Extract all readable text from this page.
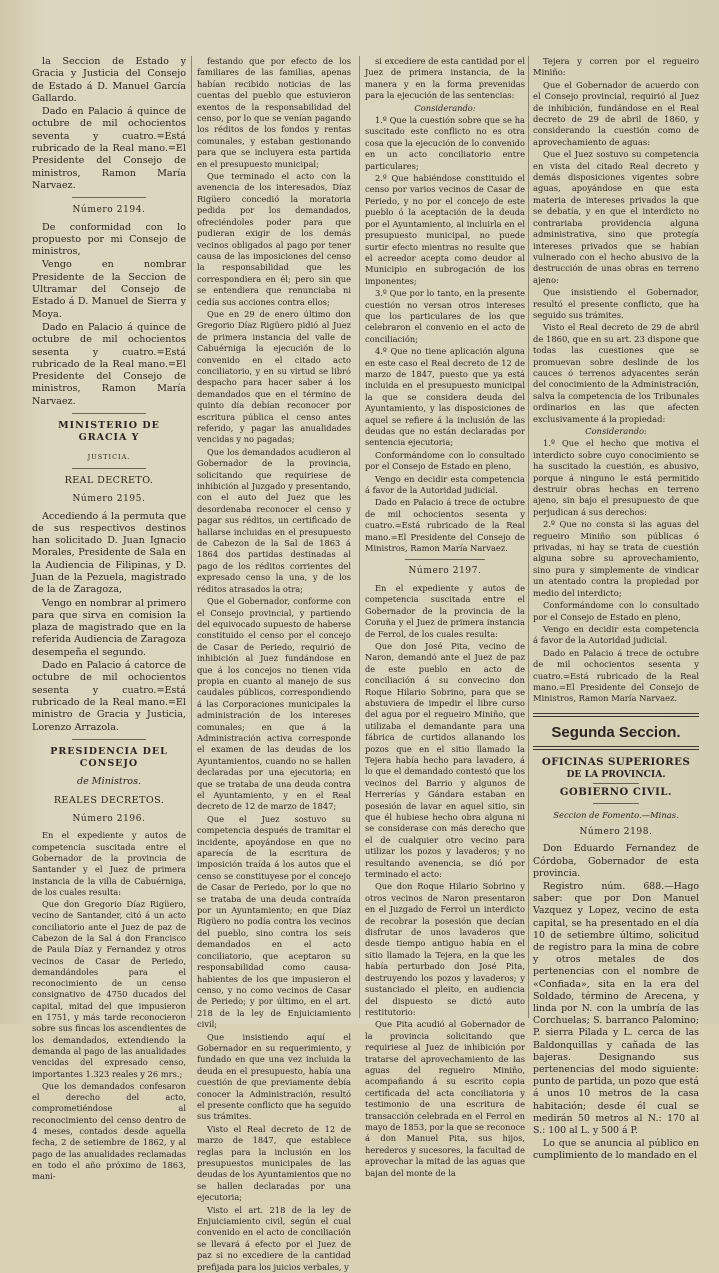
la Seccion de Estado y Gracia y Justicia del Consejo de Estado á D. Manuel García Gallardo.

Dado en Palacio á quince de octubre de mil ochocientos seventa y cuatro.=Está rubricado de la Real mano.=El Presidente del Consejo de ministros, Ramon María Narvaez.

Número 2194.

De conformidad con lo propuesto por mi Consejo de ministros,

Vengo en nombrar Presidente de la Seccion de Ultramar del Consejo de Estado á D. Manuel de Sierra y Moya.

Dado en Palacio á quince de octubre de mil ochocientos sesenta y cuatro.=Está rubricado de la Real mano.=El Presidente del Consejo de ministros, Ramon María Narvaez.

MINISTERIO DE GRACIA Y
JUSTICIA.
REAL DECRETO.
Número 2195.

Accediendo á la permuta que de sus respectivos destinos han solicitado D. Juan Ignacio Morales, Presidente de Sala en la Audiencia de Filipinas, y D. Juan de la Pezuela, magistrado de la de Zaragoza,

Vengo en nombrar al primero para que sirva en comision la plaza de magistrado que en la referida Audiencia de Zaragoza desempeña el segundo.

Dado en Palacio á catorce de octubre de mil ochocientos sesenta y cuatro.=Está rubricado de la Real mano.=El ministro de Gracia y Justicia, Lorenzo Arrazola.

PRESIDENCIA DEL CONSEJO
de Ministros.
REALES DECRETOS.
Número 2196.

En el expediente y autos de competencia suscitada entre el Gobernador de la provincia de Santander y el Juez de primera instancia de la villa de Cabuérniga, de los cuales resulta:

Que don Gregorio Díaz Rigüero, vecino de Santander, citó á un acto conciliatorio ante el Juez de paz de Cabezon de la Sal á don Francisco de Paula Díaz y Fernandez y otros vecinos de Casar de Periedo, demandándoles para el reconocimiento de un censo consignativo de 4750 ducados del capital, mitad del que impusieron en 1751, y más tarde reconocieron sobre sus fincas los ascendientes de los demandados, extendiendo la demanda al pago de las anualidades vencidas del expresado censo, importantes 1.323 reales y 26 mrs.;

Que los demandados confesaron el derecho del acto, comprometiéndose al reconocimiento del censo dentro de 4 meses, contados desde aquella fecha, 2 de setiembre de 1862, y al pago de las anualidades reclamadas en todo el año próximo de 1863, mani-

festando que por efecto de los familiares de las familias, apenas habían recibido noticias de las cuentas del pueblo que estuvieron exentos de la responsabilidad del censo, por lo que se venían pagando los réditos de los fondos y rentas comunales, y estaban gestionando para que se incluyera esta partida en el presupuesto municipal;

Que terminado el acto con la avenencia de los interesados, Díaz Rigüero concedió la moratoria pedida por los demandados, ofreciéndoles poder para que pudieran exigir de los demás vecinos obligados al pago por tener causa de las imposiciones del censo la responsabilidad que les correspondiera en él; pero sin que se entendiera que renunciaba ni cedía sus acciones contra ellos;

Que en 29 de enero último don Gregorio Díaz Rigüero pidió al Juez de primera instancia del valle de Cabuérniga la ejecución de lo convenido en el citado acto conciliatorio, y en su virtud se libró despacho para hacer saber á los demandados que en el término de quinto día debían reconocer por escritura pública el censo antes referido, y pagar las anualidades vencidas y no pagadas;

Que los demandados acudieron al Gobernador de la provincia, solicitando que requiriese de inhibición al Juzgado y presentando, con el auto del Juez que les desordenaba reconocer el censo y pagar sus réditos, un certificado de hallarse incluidas en el presupuesto de Cabezon de la Sal de 1863 á 1864 dos partidas destinadas al pago de los réditos corrientes del expresado censo la una, y de los réditos atrasados la otra;

Que el Gobernador, conforme con el Consejo provincial, y partiendo del equivocado supuesto de haberse constituido el censo por el concejo de Casar de Periedo, requirió de inhibición al Juez fundándose en que á los concejos no tienen vida propia en cuanto al manejo de sus caudales públicos, correspondiendo á las Corporaciones municipales la administración de los intereses comunales; en que á la Administración activa corresponde el examen de las deudas de los Ayuntamientos, cuando no se hallen declaradas por una ejecutoria; en que se trataba de una deuda contra el Ayuntamiento, y en el Real decreto de 12 de marzo de 1847;

Que el Juez sostuvo su competencia después de tramitar el incidente, apoyándose en que no aparecía de la escritura de imposición traída á los autos que el censo se constituyese por el concejo de Casar de Periedo, por lo que no se trataba de una deuda contraída por un Ayuntamiento; en que Díaz Rigüero no podía contra los vecinos del pueblo, sino contra los seis demandados en el acto conciliatorio, que aceptaron su responsabilidad como causa-habientes de los que impusieron el censo, y no como vecinos de Casar de Periedo; y por último, en el art. 218 de la ley de Enjuiciamiento civil;

Que insistiendo aquí el Gobernador en su requerimiento, y fundado en que una vez incluida la deuda en el presupuesto, había una cuestión de que previamente debía conocer la Administración, resultó el presente conflicto que ha seguido sus trámites.

Visto el Real decreto de 12 de marzo de 1847, que establece reglas para la inclusión en los presupuestos municipales de las deudas de los Ayuntamientos que no se hallen declaradas por una ejecutoria;

Visto el art. 218 de la ley de Enjuiciamiento civil, según el cual convenido en el acto de conciliación se llevará á efecto por el Juez de paz si no excediere de la cantidad prefijada para los juicios verbales, y

si excediere de esta cantidad por el Juez de primera instancia, de la manera y en la forma prevenidas para la ejecución de las sentencias:

Considerando:

1.º Que la cuestión sobre que se ha suscitado este conflicto no es otra cosa que la ejecución de lo convenido en un acto conciliatorio entre particulares;

2.º Que habiéndose constituido el censo por varios vecinos de Casar de Periedo, y no por el concejo de este pueblo ó la aceptación de la deuda por el Ayuntamiento, al incluirla en el presupuesto municipal, no puede surtir efecto mientras no resulte que el acreedor acepta como deudor al Municipio en subrogación de los imponentes;

3.º Que por lo tanto, en la presente cuestión no versan otros intereses que los particulares de los que celebraron el convenio en el acto de conciliación;

4.º Que no tiene aplicación alguna en este caso el Real decreto de 12 de marzo de 1847, puesto que ya está incluida en el presupuesto municipal la que se considera deuda del Ayuntamiento, y las disposiciones de aquel se refiere á la inclusión de las deudas que no están declaradas por sentencia ejecutoria;

Conformándome con lo consultado por el Consejo de Estado en pleno,

Vengo en decidir esta competencia á favor de la Autoridad judicial.

Dado en Palacio á trece de octubre de mil ochocientos sesenta y cuatro.=Está rubricado de la Real mano.=El Presidente del Consejo de Ministros, Ramon María Narvaez.

Número 2197.

En el expediente y autos de competencia suscitada entre el Gobernador de la provincia de la Coruña y el Juez de primera instancia de Ferrol, de los cuales resulta:

Que don José Pita, vecino de Naron, demandó ante el Juez de paz de este pueblo en acto de conciliación á su convecino don Roque Hilario Sobrino, para que se abstuviera de impedir el libre curso del agua por el regueiro Miniño, que utilizaba el demandante para una fábrica de curtidos allanando los pozos que en el sitio llamado la Tejera había hecho para lavadero, á lo que el demandado contestó que los vecinos del Barrio y algunos de Herrerías y Gándara estaban en posesión de lavar en aquel sitio, sin que él hubiese hecho obra alguna ni se considerase con más derecho que el de cualquier otro vecino para utilizar los pozos y lavaderos; y no resultando avenencia, se dió por terminado el acto:

Que don Roque Hilario Sobrino y otros vecinos de Naron presentaron en el Juzgado de Ferrol un interdicto de recobrar la posesión que decían disfrutar de unos lavaderos que desde tiempo antiguo había en el sitio llamado la Tejera, en la que les había perturbado don José Pita, destruyendo los pozos y lavaderos; y sustanciado el pleito, en audiencia del dispuesto se dictó auto restitutorio:

Que Pita acudió al Gobernador de la provincia solicitando que requiriese al Juez de inhibición por tratarse del aprovechamiento de las aguas del regueiro Miniño, acompañando á su escrito copia certificada del acta conciliatoria y testimonio de una escritura de transacción celebrada en el Ferrol en mayo de 1853, por la que se reconoce á don Manuel Pita, sus hijos, herederos y sucesores, la facultad de aprovechar la mitad de las aguas que bajan del monte de la

Tejera y corren por el regueiro Miniño:

Que el Gobernador de acuerdo con el Consejo provincial, requirió al Juez de inhibición, fundándose en el Real decreto de 29 de abril de 1860, y considerando la cuestión como de aprovechamiento de aguas:

Que el Juez sostuvo su competencia en vista del citado Real decreto y demás disposiciones vigentes sobre aguas, apoyándose en que esta materia de intereses privados la que se debatía, y en que el interdicto no contrariaba providencia alguna administrativa, sino que protegía intereses privados que se habían vulnerado con el hecho abusivo de la destrucción de unas obras en terreno ajeno:

Que insistiendo el Gobernador, resultó el presente conflicto, que ha seguido sus trámites.

Visto el Real decreto de 29 de abril de 1860, que en su art. 23 dispone que todas las cuestiones que se promuevan sobre deslinde de los cauces ó terrenos adyacentes serán del conocimiento de la Administración, salva la competencia de los Tribunales ordinarios en las que afecten exclusivamente á la propiedad:

Considerando:

1.º Que el hecho que motiva el interdicto sobre cuyo conocimiento se ha suscitado la cuestión, es abusivo, porque á ninguno le está permitido destruir obras hechas en terreno ajeno, sin bajo el presupuesto de que perjudican á sus derechos:

2.º Que no consta si las aguas del regueiro Miniño son públicas ó privadas, ni hay se trata de cuestión alguna sobre su aprovechamiento, sino pura y simplemente de vindicar un atentado contra la propiedad por medio del interdicto;

Conformándome con lo consultado por el Consejo de Estado en pleno,

Vengo en decidir esta competencia á favor de la Autoridad judicial.

Dado en Palacio á trece de octubre de mil ochocientos sesenta y cuatro.=Está rubricado de la Real mano.=El Presidente del Consejo de Ministros, Ramon María Narvaez.

Segunda Seccion.
OFICINAS SUPERIORES
DE LA PROVINCIA.
GOBIERNO CIVIL.
Seccion de Fomento.—Minas.
Número 2198.

Don Eduardo Fernandez de Córdoba, Gobernador de esta provincia.

Registro núm. 688.—Hago saber: que por Don Manuel Vazquez y Lopez, vecino de esta capital, se ha presentado en el día 10 de setiembre último, solicitud de registro para la mina de cobre y otros metales de dos pertenencias con el nombre de «Confiada», sita en la era del Soldado, término de Arecena, y linda por N. con la umbría de las Corchuelas; S. barranco Palomino; P. sierra Pilada y L. cerca de las Baldonquillas y cañada de las bajeras. Designando sus pertenencias del modo siguiente: punto de partida, un pozo que está á unos 10 metros de la casa habitación; desde él cual se medirán 50 metros al N.: 170 al S.: 100 al L. y 500 á P.

Lo que se anuncia al público en cumplimiento de lo mandado en el
